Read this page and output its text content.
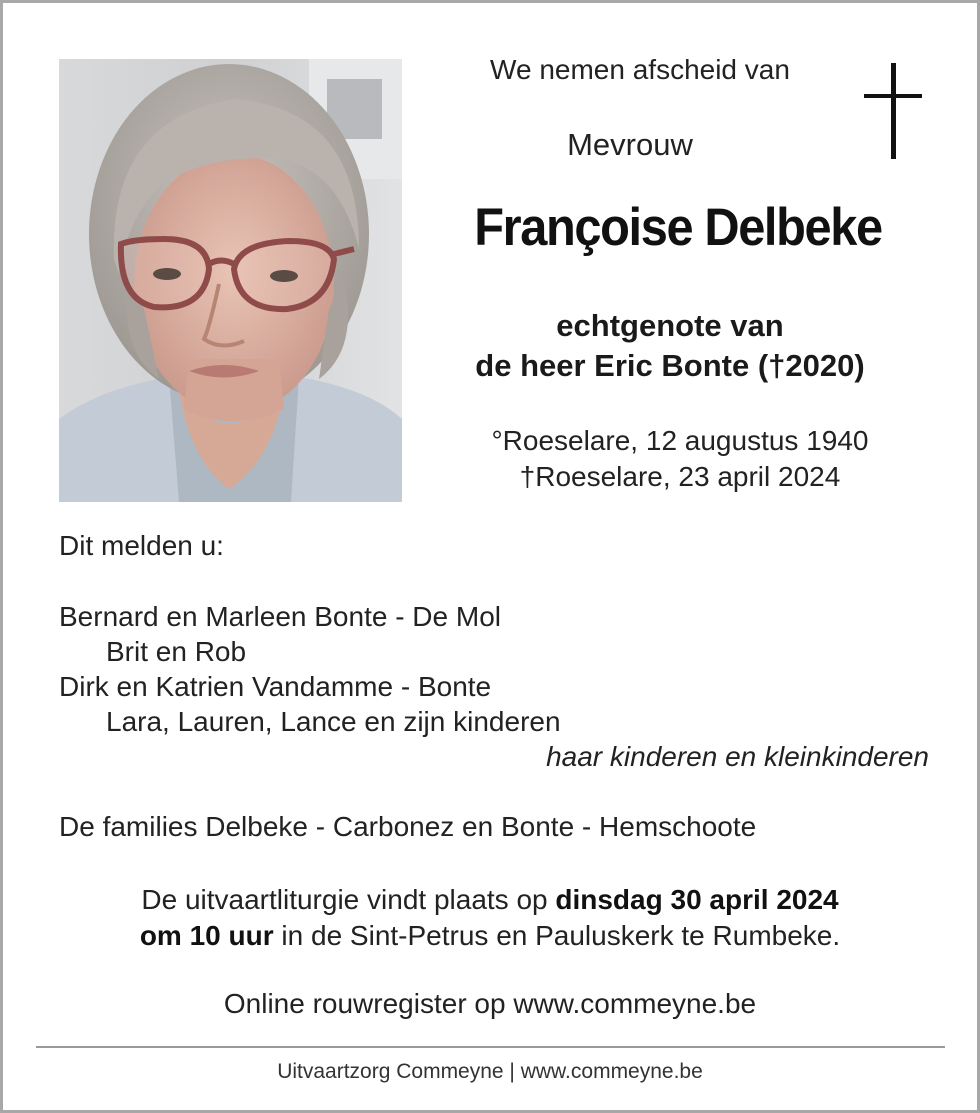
We nemen afscheid van
Mevrouw
Françoise Delbeke
echtgenote van
de heer Eric Bonte (†2020)
°Roeselare, 12 augustus 1940
†Roeselare, 23 april 2024
Dit melden u:
Bernard en Marleen Bonte - De Mol
Brit en Rob
Dirk en Katrien Vandamme - Bonte
Lara, Lauren, Lance en zijn kinderen
haar kinderen en kleinkinderen
De families Delbeke - Carbonez en Bonte - Hemschoote
De uitvaartliturgie vindt plaats op dinsdag 30 april 2024
om 10 uur in de Sint-Petrus en Pauluskerk te Rumbeke.
Online rouwregister op www.commeyne.be
Uitvaartzorg Commeyne | www.commeyne.be
